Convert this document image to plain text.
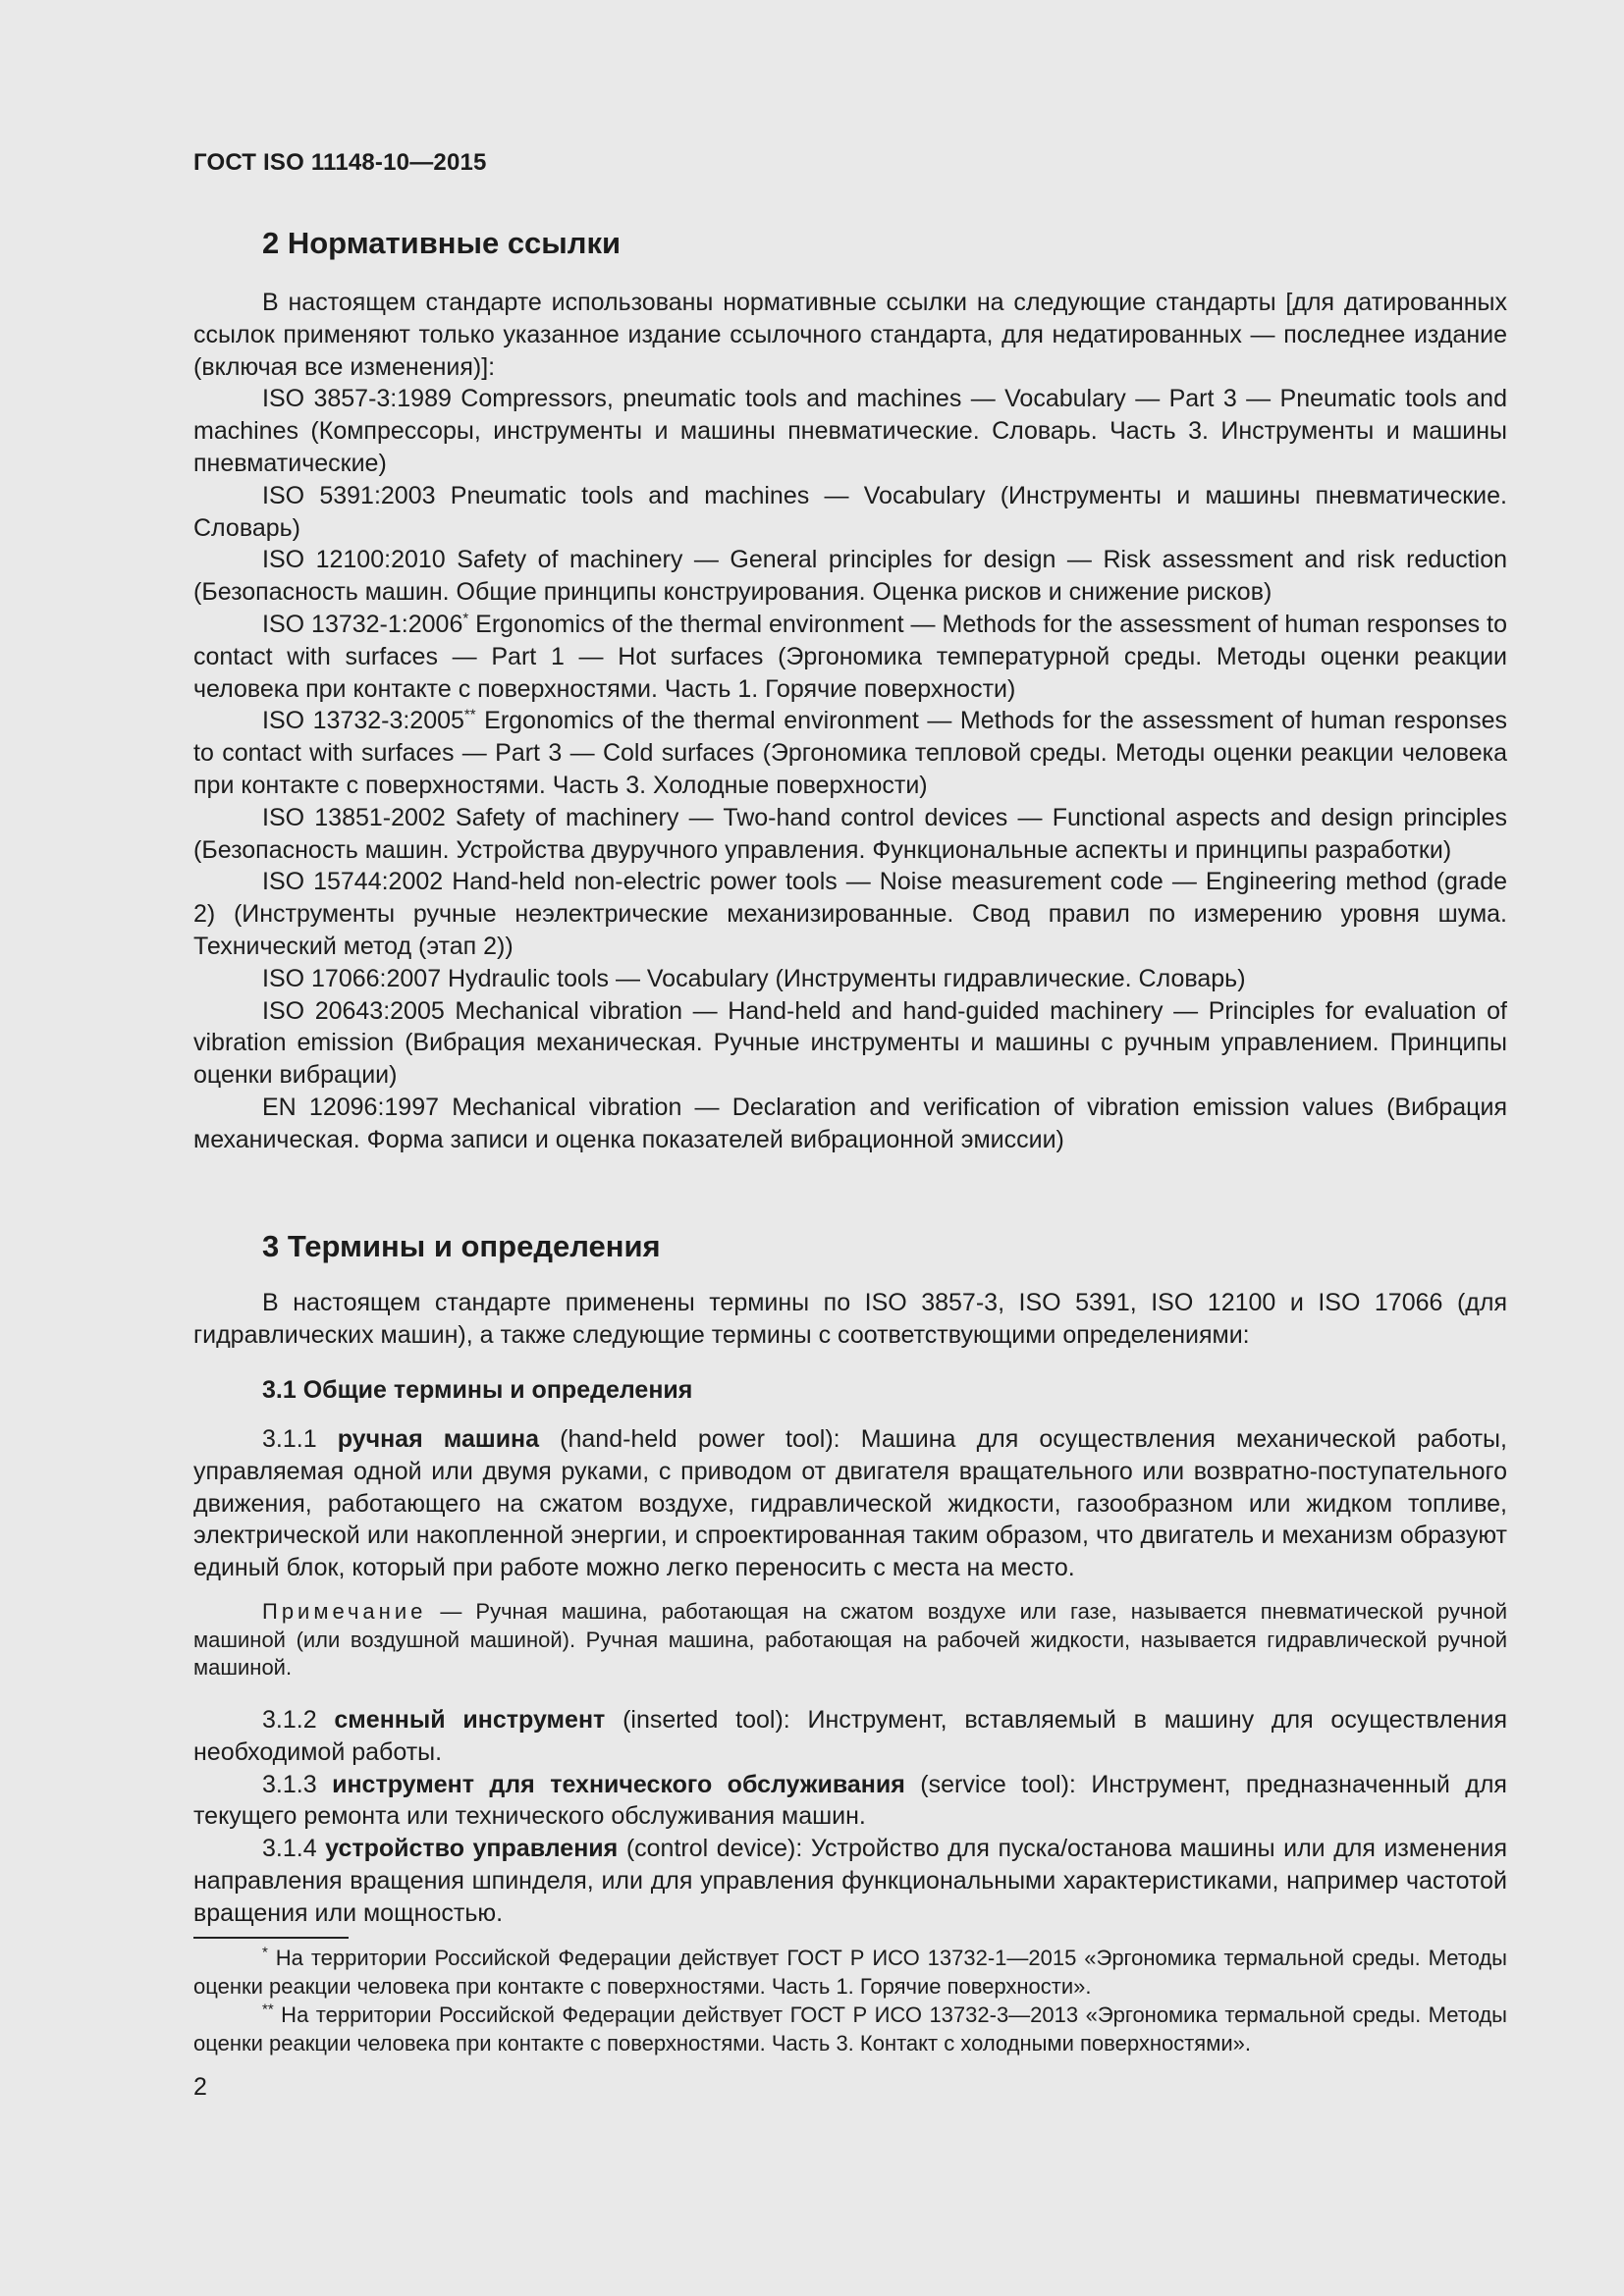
ГОСТ ISO 11148-10—2015
2 Нормативные ссылки

В настоящем стандарте использованы нормативные ссылки на следующие стандарты [для датированных ссылок применяют только указанное издание ссылочного стандарта, для недатированных — последнее издание (включая все изменения)]:

ISO 3857-3:1989 Compressors, pneumatic tools and machines — Vocabulary — Part 3 — Pneumatic tools and machines (Компрессоры, инструменты и машины пневматические. Словарь. Часть 3. Инструменты и машины пневматические)

ISO 5391:2003 Pneumatic tools and machines — Vocabulary (Инструменты и машины пневматические. Словарь)

ISO 12100:2010 Safety of machinery — General principles for design — Risk assessment and risk reduction (Безопасность машин. Общие принципы конструирования. Оценка рисков и снижение рисков)

ISO 13732-1:2006* Ergonomics of the thermal environment — Methods for the assessment of human responses to contact with surfaces — Part 1 — Hot surfaces (Эргономика температурной среды. Методы оценки реакции человека при контакте с поверхностями. Часть 1. Горячие поверхности)

ISO 13732-3:2005** Ergonomics of the thermal environment — Methods for the assessment of human responses to contact with surfaces — Part 3 — Cold surfaces (Эргономика тепловой среды. Методы оценки реакции человека при контакте с поверхностями. Часть 3. Холодные поверхности)

ISO 13851-2002 Safety of machinery — Two-hand control devices — Functional aspects and design principles (Безопасность машин. Устройства двуручного управления. Функциональные аспекты и принципы разработки)

ISO 15744:2002 Hand-held non-electric power tools — Noise measurement code — Engineering method (grade 2) (Инструменты ручные неэлектрические механизированные. Свод правил по измерению уровня шума. Технический метод (этап 2))

ISO 17066:2007 Hydraulic tools — Vocabulary (Инструменты гидравлические. Словарь)

ISO 20643:2005 Mechanical vibration — Hand-held and hand-guided machinery — Principles for evaluation of vibration emission (Вибрация механическая. Ручные инструменты и машины с ручным управлением. Принципы оценки вибрации)

EN 12096:1997 Mechanical vibration — Declaration and verification of vibration emission values (Вибрация механическая. Форма записи и оценка показателей вибрационной эмиссии)

3 Термины и определения

В настоящем стандарте применены термины по ISO 3857-3, ISO 5391, ISO 12100 и ISO 17066 (для гидравлических машин), а также следующие термины с соответствующими определениями:

3.1 Общие термины и определения

3.1.1 ручная машина (hand-held power tool): Машина для осуществления механической работы, управляемая одной или двумя руками, с приводом от двигателя вращательного или возвратно-поступательного движения, работающего на сжатом воздухе, гидравлической жидкости, газообразном или жидком топливе, электрической или накопленной энергии, и спроектированная таким образом, что двигатель и механизм образуют единый блок, который при работе можно легко переносить с места на место.

Примечание — Ручная машина, работающая на сжатом воздухе или газе, называется пневматической ручной машиной (или воздушной машиной). Ручная машина, работающая на рабочей жидкости, называется гидравлической ручной машиной.

3.1.2 сменный инструмент (inserted tool): Инструмент, вставляемый в машину для осуществления необходимой работы.

3.1.3 инструмент для технического обслуживания (service tool): Инструмент, предназначенный для текущего ремонта или технического обслуживания машин.

3.1.4 устройство управления (control device): Устройство для пуска/останова машины или для изменения направления вращения шпинделя, или для управления функциональными характеристиками, например частотой вращения или мощностью.

* На территории Российской Федерации действует ГОСТ Р ИСО 13732-1—2015 «Эргономика термальной среды. Методы оценки реакции человека при контакте с поверхностями. Часть 1. Горячие поверхности».

** На территории Российской Федерации действует ГОСТ Р ИСО 13732-3—2013 «Эргономика термальной среды. Методы оценки реакции человека при контакте с поверхностями. Часть 3. Контакт с холодными поверхностями».

2
